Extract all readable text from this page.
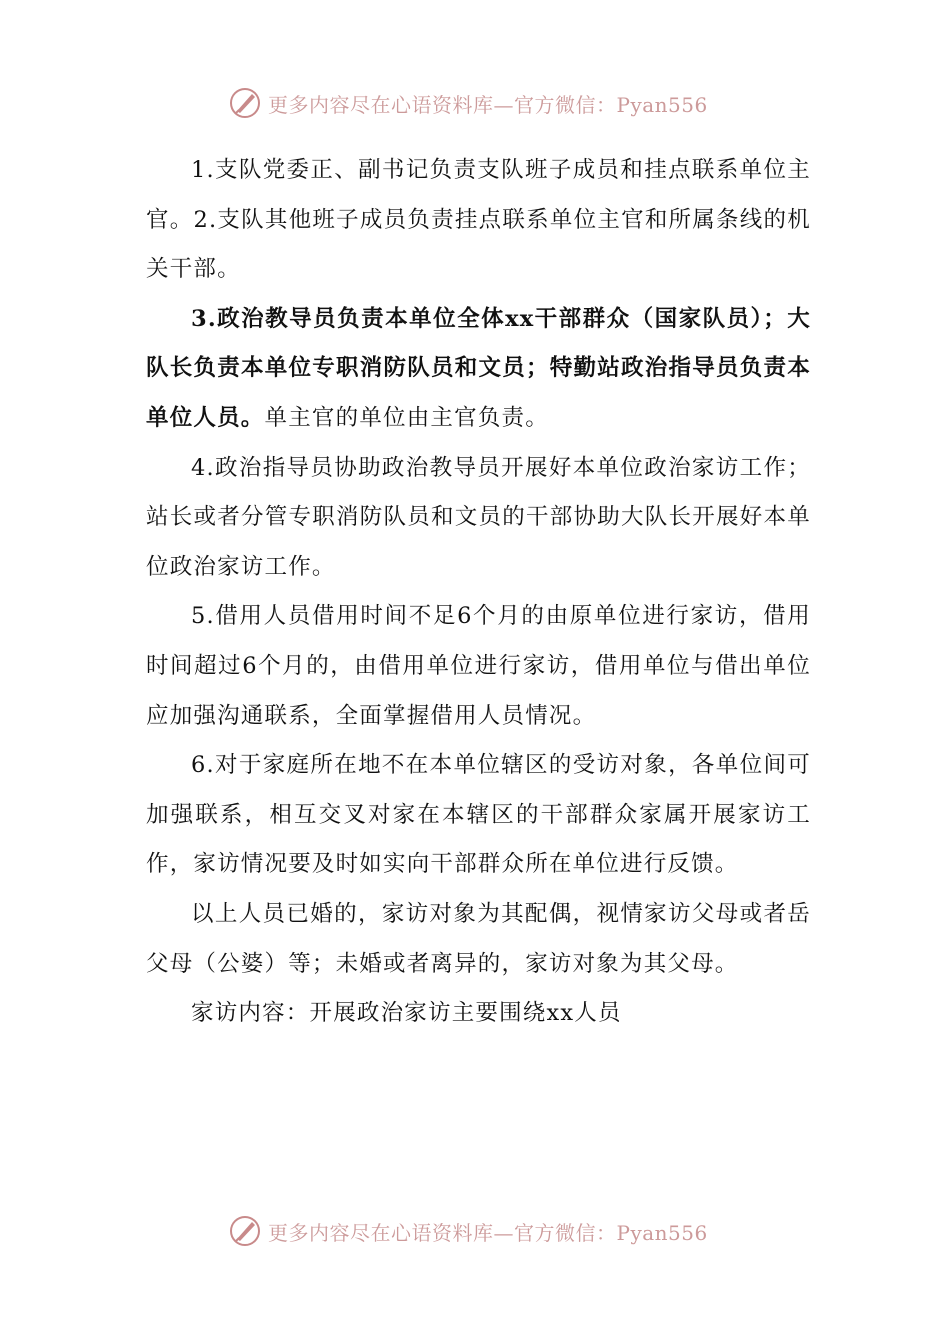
更多内容尽在心语资料库—官方微信：Pyan556

1.支队党委正、副书记负责支队班子成员和挂点联系单位主官。2.支队其他班子成员负责挂点联系单位主官和所属条线的机关干部。

3.政治教导员负责本单位全体xx干部群众（国家队员）；大队长负责本单位专职消防队员和文员；特勤站政治指导员负责本单位人员。单主官的单位由主官负责。

4.政治指导员协助政治教导员开展好本单位政治家访工作；站长或者分管专职消防队员和文员的干部协助大队长开展好本单位政治家访工作。

5.借用人员借用时间不足6个月的由原单位进行家访，借用时间超过6个月的，由借用单位进行家访，借用单位与借出单位应加强沟通联系，全面掌握借用人员情况。

6.对于家庭所在地不在本单位辖区的受访对象，各单位间可加强联系，相互交叉对家在本辖区的干部群众家属开展家访工作，家访情况要及时如实向干部群众所在单位进行反馈。

以上人员已婚的，家访对象为其配偶，视情家访父母或者岳父母（公婆）等；未婚或者离异的，家访对象为其父母。

家访内容：开展政治家访主要围绕xx人员

更多内容尽在心语资料库—官方微信：Pyan556
